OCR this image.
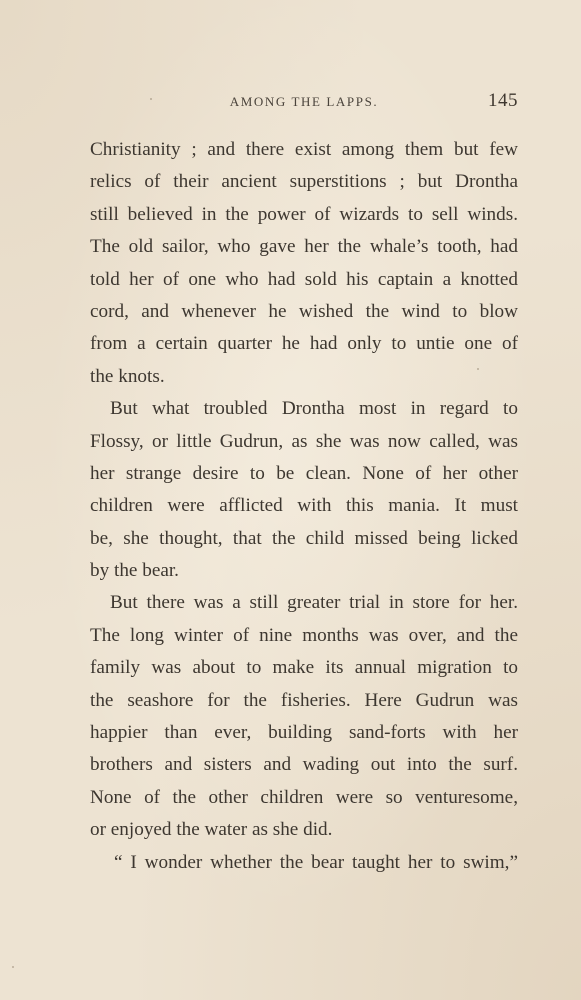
AMONG THE LAPPS.	145
Christianity ; and there exist among them but few
relics of their ancient superstitions ; but Drontha
still believed in the power of wizards to sell winds.
The old sailor, who gave her the whale’s tooth, had
told her of one who had sold his captain a knotted
cord, and whenever he wished the wind to blow
from a certain quarter he had only to untie one of
the knots.
But what troubled Drontha most in regard to
Flossy, or little Gudrun, as she was now called, was
her strange desire to be clean. None of her other
children were afflicted with this mania. It must
be, she thought, that the child missed being licked
by the bear.
But there was a still greater trial in store for her.
The long winter of nine months was over, and the
family was about to make its annual migration to
the seashore for the fisheries. Here Gudrun was
happier than ever, building sand-forts with her
brothers and sisters and wading out into the surf.
None of the other children were so venturesome,
or enjoyed the water as she did.
“ I wonder whether the bear taught her to swim,”
